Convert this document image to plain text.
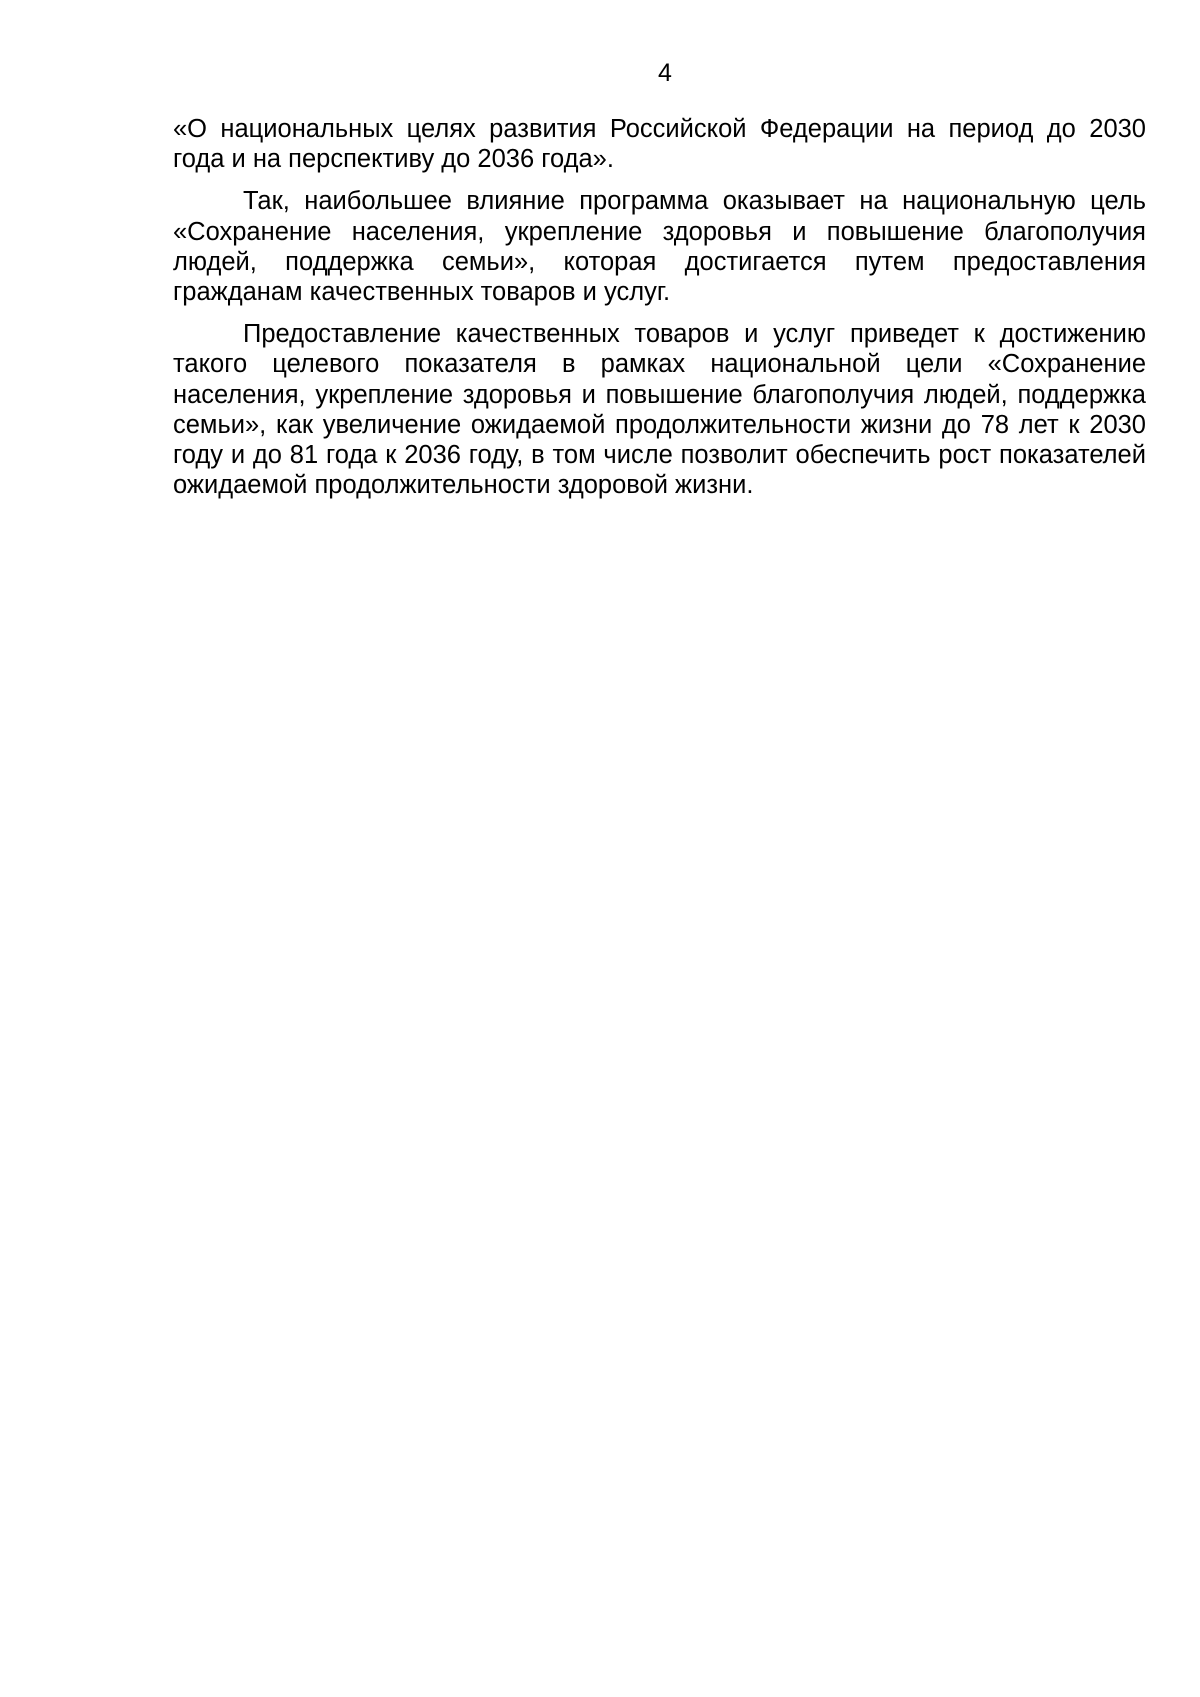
4

«О национальных целях развития Российской Федерации на период до 2030 года и на перспективу до 2036 года».

Так, наибольшее влияние программа оказывает на национальную цель «Сохранение населения, укрепление здоровья и повышение благополучия людей, поддержка семьи», которая достигается путем предоставления гражданам качественных товаров и услуг.

Предоставление качественных товаров и услуг приведет к достижению такого целевого показателя в рамках национальной цели «Сохранение населения, укрепление здоровья и повышение благополучия людей, поддержка семьи», как увеличение ожидаемой продолжительности жизни до 78 лет к 2030 году и до 81 года к 2036 году, в том числе позволит обеспечить рост показателей ожидаемой продолжительности здоровой жизни.
